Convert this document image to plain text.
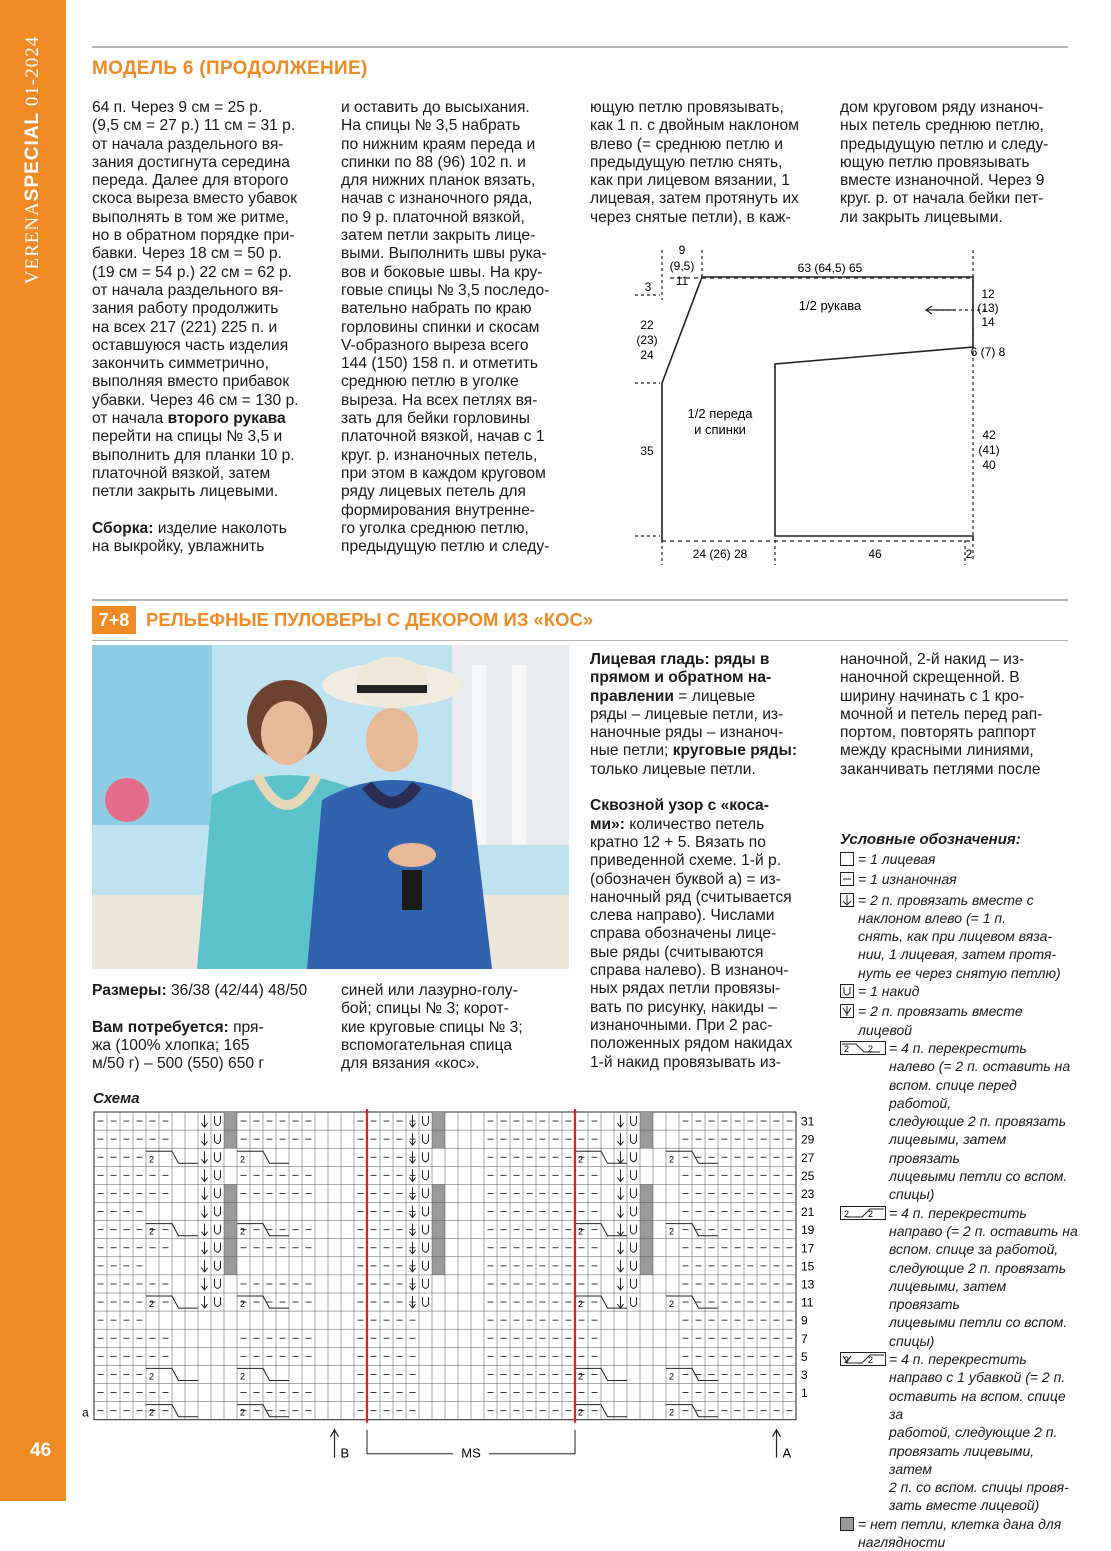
VERENASPECIAL 01-2024
46
МОДЕЛЬ 6 (ПРОДОЛЖЕНИЕ)
64 п. Через 9 см = 25 р.
(9,5 см = 27 р.) 11 см = 31 р.
от начала раздельного вя-
зания достигнута середина
переда. Далее для второго
скоса выреза вместо убавок
выполнять в том же ритме,
но в обратном порядке при-
бавки. Через 18 см = 50 р.
(19 см = 54 р.) 22 см = 62 р.
от начала раздельного вя-
зания работу продолжить
на всех 217 (221) 225 п. и
оставшуюся часть изделия
закончить симметрично,
выполняя вместо прибавок
убавки. Через 46 см = 130 р.
от начала второго рукава
перейти на спицы № 3,5 и
выполнить для планки 10 р.
платочной вязкой, затем
петли закрыть лицевыми.

Сборка: изделие наколоть
на выкройку, увлажнить
и оставить до высыхания.
На спицы № 3,5 набрать
по нижним краям переда и
спинки по 88 (96) 102 п. и
для нижних планок вязать,
начав с изнаночного ряда,
по 9 р. платочной вязкой,
затем петли закрыть лице-
выми. Выполнить швы рука-
вов и боковые швы. На кру-
говые спицы № 3,5 последо-
вательно набрать по краю
горловины спинки и скосам
V-образного выреза всего
144 (150) 158 п. и отметить
среднюю петлю в уголке
выреза. На всех петлях вя-
зать для бейки горловины
платочной вязкой, начав с 1
круг. р. изнаночных петель,
при этом в каждом круговом
ряду лицевых петель для
формирования внутренне-
го уголка среднюю петлю,
предыдущую петлю и следу-
ющую петлю провязывать,
как 1 п. с двойным наклоном
влево (= среднюю петлю и
предыдущую петлю снять,
как при лицевом вязании, 1
лицевая, затем протянуть их
через снятые петли), в каж-
дом круговом ряду изнаноч-
ных петель среднюю петлю,
предыдущую петлю и следу-
ющую петлю провязывать
вместе изнаночной. Через 9
круг. р. от начала бейки пет-
ли закрыть лицевыми.
9
(9,5)
11
63 (64,5) 65
3
1/2 рукава
12
(13)
14
6 (7) 8
22
(23)
24
1/2 переда
и спинки
35
42
(41)
40
24 (26) 28	46	2
7+8 РЕЛЬЕФНЫЕ ПУЛОВЕРЫ С ДЕКОРОМ ИЗ «КОС»
Размеры: 36/38 (42/44) 48/50

Вам потребуется: пря-
жа (100% хлопка; 165
м/50 г) – 500 (550) 650 г
синей или лазурно-голу-
бой; спицы № 3; корот-
кие круговые спицы № 3;
вспомогательная спица
для вязания «кос».
Лицевая гладь: ряды в
прямом и обратном на-
правлении = лицевые
ряды – лицевые петли, из-
наночные ряды – изнаноч-
ные петли; круговые ряды:
только лицевые петли.

Сквозной узор с «коса-
ми»: количество петель
кратно 12 + 5. Вязать по
приведенной схеме. 1-й р.
(обозначен буквой а) = из-
наночный ряд (считывается
слева направо). Числами
справа обозначены лице-
вые ряды (считываются
справа налево). В изнаноч-
ных рядах петли провязы-
вать по рисунку, накиды –
изнаночными. При 2 рас-
положенных рядом накидах
1-й накид провязывать из-
наночной, 2-й накид – из-
наночной скрещенной. В
ширину начинать с 1 кро-
мочной и петель перед рап-
портом, повторять раппорт
между красными линиями,
заканчивать петлями после
Условные обозначения:
= 1 лицевая
= 1 изнаночная
= 2 п. провязать вместе с
наклоном влево (= 1 п.
снять, как при лицевом вяза-
нии, 1 лицевая, затем протя-
нуть ее через снятую петлю)
= 1 накид
= 2 п. провязать вместе
лицевой
2 2 = 4 п. перекрестить
налево (= 2 п. оставить на
вспом. спице перед работой,
следующие 2 п. провязать
лицевыми, затем провязать
лицевыми петли со вспом.
спицы)
2 2 = 4 п. перекрестить
направо (= 2 п. оставить на
вспом. спице за работой,
следующие 2 п. провязать
лицевыми, затем провязать
лицевыми петли со вспом.
спицы)
2 2 = 4 п. перекрестить
направо с 1 убавкой (= 2 п.
оставить на вспом. спице за
работой, следующие 2 п.
провязать лицевыми, затем
2 п. со вспом. спицы провя-
зать вместе лицевой)
= нет петли, клетка дана для
наглядности
Схема
2	2	2	2
2	2	2	2
2	2	2	2
2	2	2	2
2	2	2	2
31
29
27
25
23
21
19
17
15
13
11
9
7
5
3
1
a
B	A
MS
